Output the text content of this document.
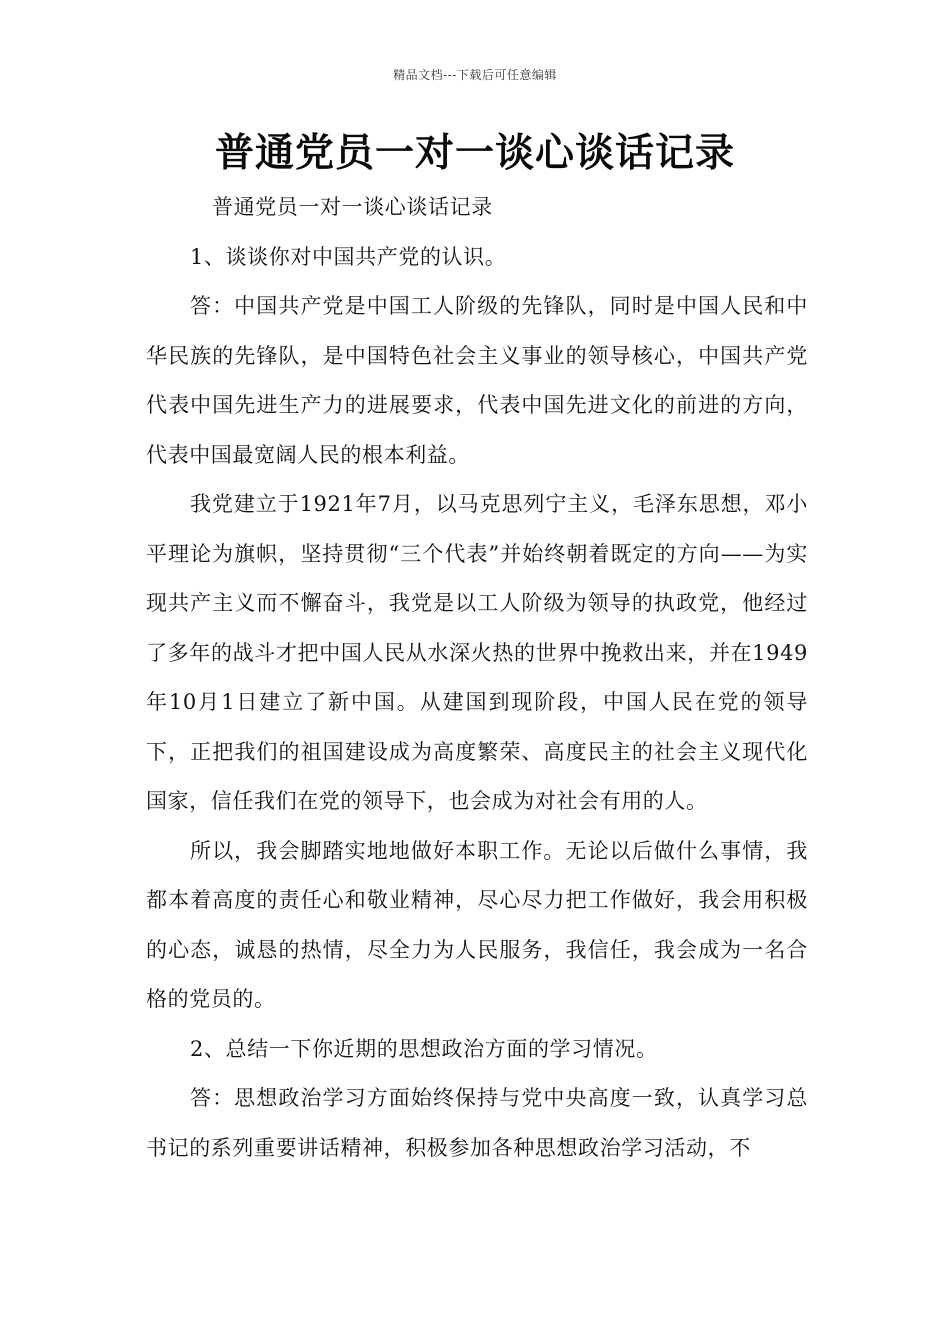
精品文档---下载后可任意编辑
普通党员一对一谈心谈话记录

普通党员一对一谈心谈话记录

1、谈谈你对中国共产党的认识。

答：中国共产党是中国工人阶级的先锋队，同时是中国人民和中华民族的先锋队，是中国特色社会主义事业的领导核心，中国共产党代表中国先进生产力的进展要求，代表中国先进文化的前进的方向，代表中国最宽阔人民的根本利益。

我党建立于1921年7月，以马克思列宁主义，毛泽东思想，邓小平理论为旗帜，坚持贯彻“三个代表”并始终朝着既定的方向——为实现共产主义而不懈奋斗，我党是以工人阶级为领导的执政党，他经过了多年的战斗才把中国人民从水深火热的世界中挽救出来，并在1949年10月1日建立了新中国。从建国到现阶段，中国人民在党的领导下，正把我们的祖国建设成为高度繁荣、高度民主的社会主义现代化国家，信任我们在党的领导下，也会成为对社会有用的人。

所以，我会脚踏实地地做好本职工作。无论以后做什么事情，我都本着高度的责任心和敬业精神，尽心尽力把工作做好，我会用积极的心态，诚恳的热情，尽全力为人民服务，我信任，我会成为一名合格的党员的。

2、总结一下你近期的思想政治方面的学习情况。

答：思想政治学习方面始终保持与党中央高度一致，认真学习总书记的系列重要讲话精神，积极参加各种思想政治学习活动，不
